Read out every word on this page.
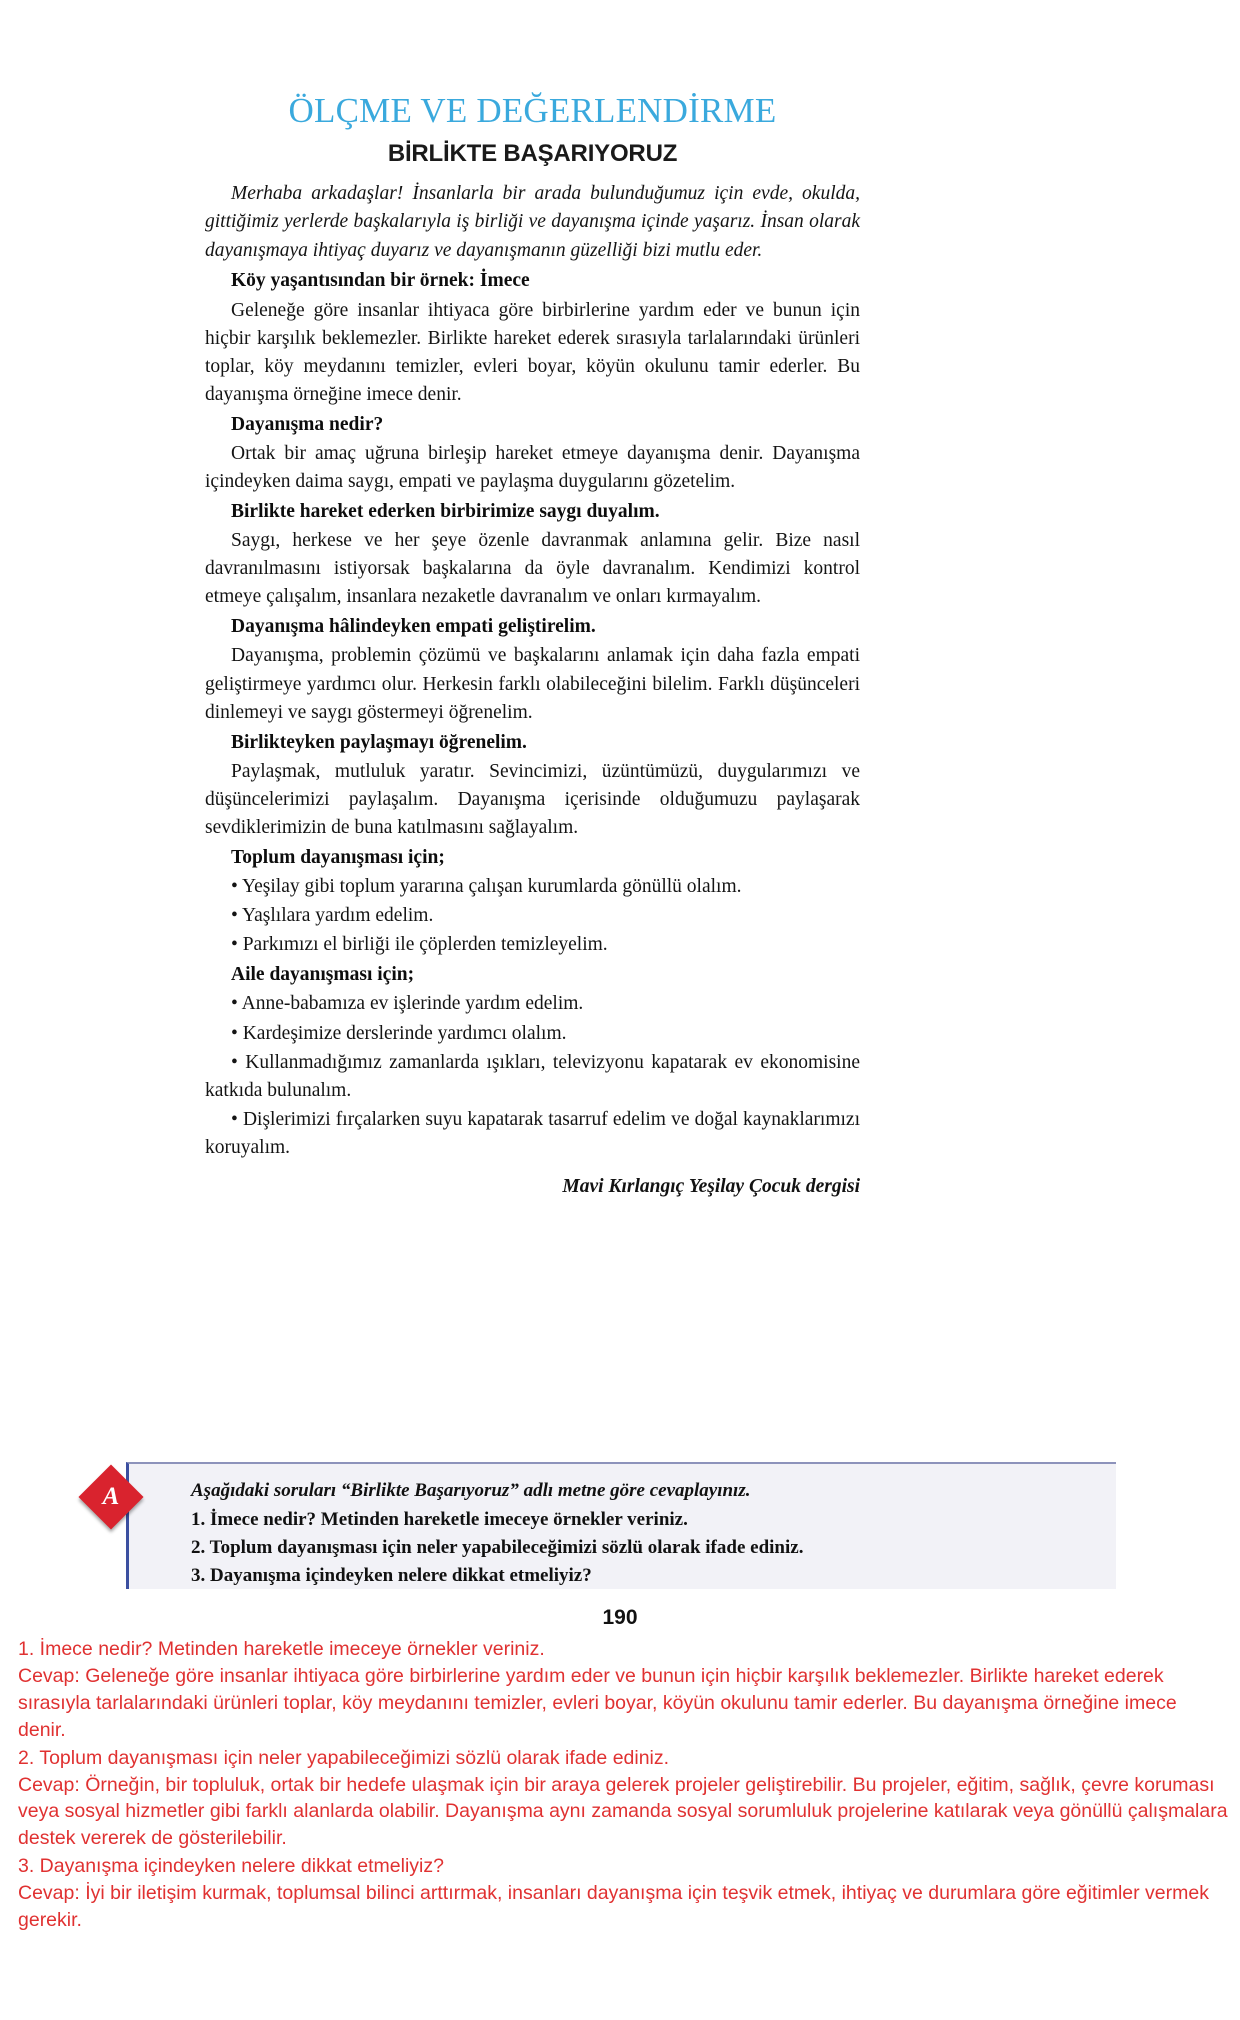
ÖLÇME VE DEĞERLENDİRME
BİRLİKTE BAŞARIYORUZ

Merhaba arkadaşlar! İnsanlarla bir arada bulunduğumuz için evde, okulda, gittiğimiz yerlerde başkalarıyla iş birliği ve dayanışma içinde yaşarız. İnsan olarak dayanışmaya ihtiyaç duyarız ve dayanışmanın güzelliği bizi mutlu eder.

Köy yaşantısından bir örnek: İmece

Geleneğe göre insanlar ihtiyaca göre birbirlerine yardım eder ve bunun için hiçbir karşılık beklemezler. Birlikte hareket ederek sırasıyla tarlalarındaki ürünleri toplar, köy meydanını temizler, evleri boyar, köyün okulunu tamir ederler. Bu dayanışma örneğine imece denir.

Dayanışma nedir?

Ortak bir amaç uğruna birleşip hareket etmeye dayanışma denir. Dayanışma içindeyken daima saygı, empati ve paylaşma duygularını gözetelim.

Birlikte hareket ederken birbirimize saygı duyalım.

Saygı, herkese ve her şeye özenle davranmak anlamına gelir. Bize nasıl davranılmasını istiyorsak başkalarına da öyle davranalım. Kendimizi kontrol etmeye çalışalım, insanlara nezaketle davranalım ve onları kırmayalım.

Dayanışma hâlindeyken empati geliştirelim.

Dayanışma, problemin çözümü ve başkalarını anlamak için daha fazla empati geliştirmeye yardımcı olur. Herkesin farklı olabileceğini bilelim. Farklı düşünceleri dinlemeyi ve saygı göstermeyi öğrenelim.

Birlikteyken paylaşmayı öğrenelim.

Paylaşmak, mutluluk yaratır. Sevincimizi, üzüntümüzü, duygularımızı ve düşüncelerimizi paylaşalım. Dayanışma içerisinde olduğumuzu paylaşarak sevdiklerimizin de buna katılmasını sağlayalım.

Toplum dayanışması için;

• Yeşilay gibi toplum yararına çalışan kurumlarda gönüllü olalım.

• Yaşlılara yardım edelim.

• Parkımızı el birliği ile çöplerden temizleyelim.

Aile dayanışması için;

• Anne-babamıza ev işlerinde yardım edelim.

• Kardeşimize derslerinde yardımcı olalım.

• Kullanmadığımız zamanlarda ışıkları, televizyonu kapatarak ev ekonomisine katkıda bulunalım.

• Dişlerimizi fırçalarken suyu kapatarak tasarruf edelim ve doğal kaynaklarımızı koruyalım.

Mavi Kırlangıç Yeşilay Çocuk dergisi

Aşağıdaki soruları “Birlikte Başarıyoruz” adlı metne göre cevaplayınız.

1. İmece nedir? Metinden hareketle imeceye örnekler veriniz.

2. Toplum dayanışması için neler yapabileceğimizi sözlü olarak ifade ediniz.

3. Dayanışma içindeyken nelere dikkat etmeliyiz?

A
190

1. İmece nedir? Metinden hareketle imeceye örnekler veriniz.

Cevap: Geleneğe göre insanlar ihtiyaca göre birbirlerine yardım eder ve bunun için hiçbir karşılık beklemezler. Birlikte hareket ederek sırasıyla tarlalarındaki ürünleri toplar, köy meydanını temizler, evleri boyar, köyün okulunu tamir ederler. Bu dayanışma örneğine imece denir.

2. Toplum dayanışması için neler yapabileceğimizi sözlü olarak ifade ediniz.

Cevap: Örneğin, bir topluluk, ortak bir hedefe ulaşmak için bir araya gelerek projeler geliştirebilir. Bu projeler, eğitim, sağlık, çevre koruması veya sosyal hizmetler gibi farklı alanlarda olabilir. Dayanışma aynı zamanda sosyal sorumluluk projelerine katılarak veya gönüllü çalışmalara destek vererek de gösterilebilir.

3. Dayanışma içindeyken nelere dikkat etmeliyiz?

Cevap: İyi bir iletişim kurmak, toplumsal bilinci arttırmak, insanları dayanışma için teşvik etmek, ihtiyaç ve durumlara göre eğitimler vermek gerekir.
